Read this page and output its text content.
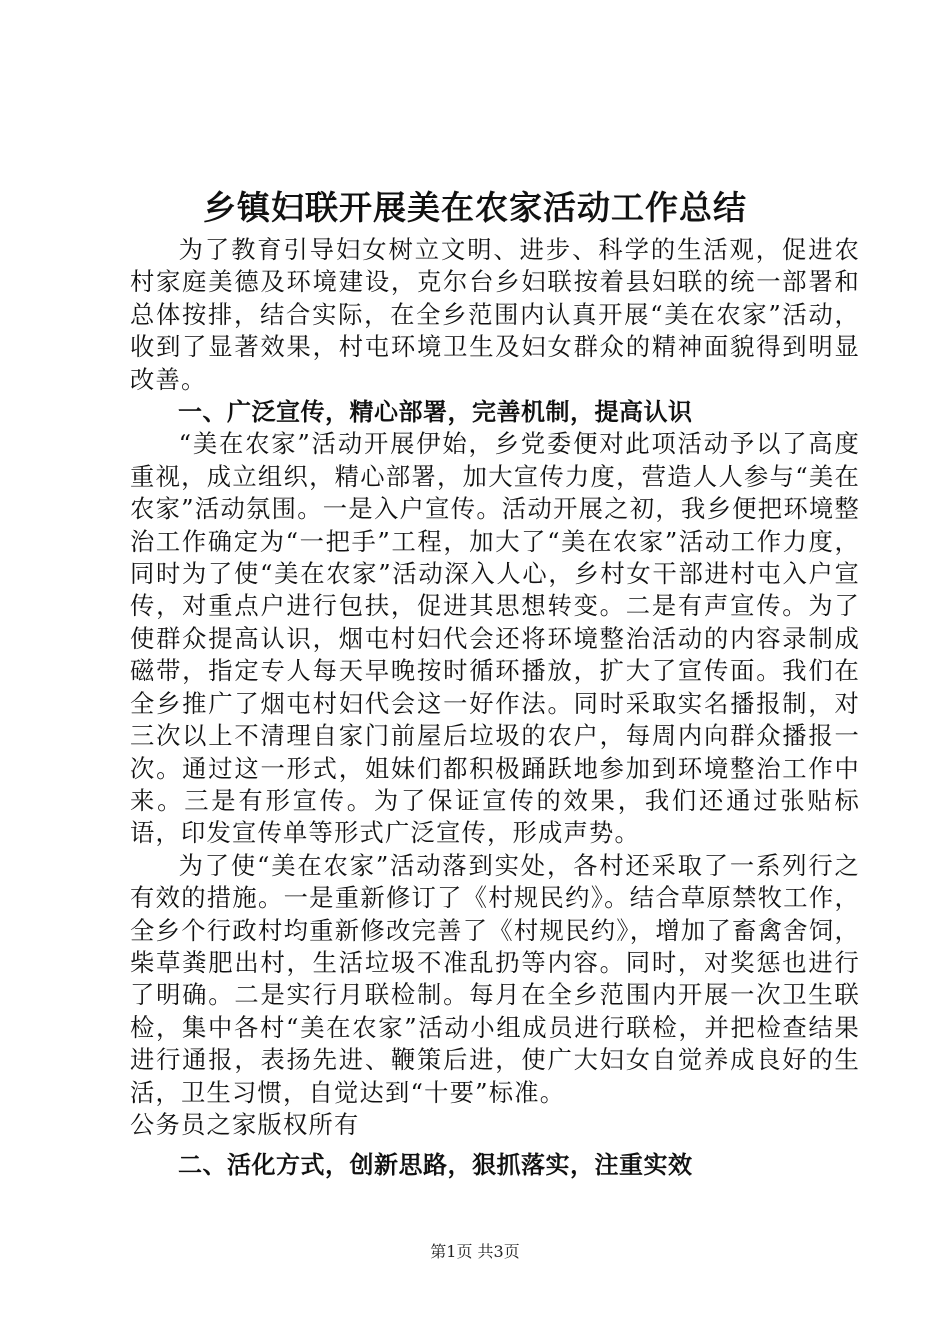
乡镇妇联开展美在农家活动工作总结

为了教育引导妇女树立文明、进步、科学的生活观，促进农村家庭美德及环境建设，克尔台乡妇联按着县妇联的统一部署和总体按排，结合实际，在全乡范围内认真开展“美在农家”活动，收到了显著效果，村屯环境卫生及妇女群众的精神面貌得到明显改善。

一、广泛宣传，精心部署，完善机制，提高认识

“美在农家”活动开展伊始，乡党委便对此项活动予以了高度重视，成立组织，精心部署，加大宣传力度，营造人人参与“美在农家”活动氛围。一是入户宣传。活动开展之初，我乡便把环境整治工作确定为“一把手”工程，加大了“美在农家”活动工作力度，同时为了使“美在农家”活动深入人心，乡村女干部进村屯入户宣传，对重点户进行包扶，促进其思想转变。二是有声宣传。为了使群众提高认识，烟屯村妇代会还将环境整治活动的内容录制成磁带，指定专人每天早晚按时循环播放，扩大了宣传面。我们在全乡推广了烟屯村妇代会这一好作法。同时采取实名播报制，对三次以上不清理自家门前屋后垃圾的农户，每周内向群众播报一次。通过这一形式，姐妹们都积极踊跃地参加到环境整治工作中来。三是有形宣传。为了保证宣传的效果，我们还通过张贴标语，印发宣传单等形式广泛宣传，形成声势。

为了使“美在农家”活动落到实处，各村还采取了一系列行之有效的措施。一是重新修订了《村规民约》。结合草原禁牧工作，全乡个行政村均重新修改完善了《村规民约》，增加了畜禽舍饲，柴草粪肥出村，生活垃圾不准乱扔等内容。同时，对奖惩也进行了明确。二是实行月联检制。每月在全乡范围内开展一次卫生联检，集中各村“美在农家”活动小组成员进行联检，并把检查结果进行通报，表扬先进、鞭策后进，使广大妇女自觉养成良好的生活，卫生习惯，自觉达到“十要”标准。

公务员之家版权所有

二、活化方式，创新思路，狠抓落实，注重实效

第1页 共3页
